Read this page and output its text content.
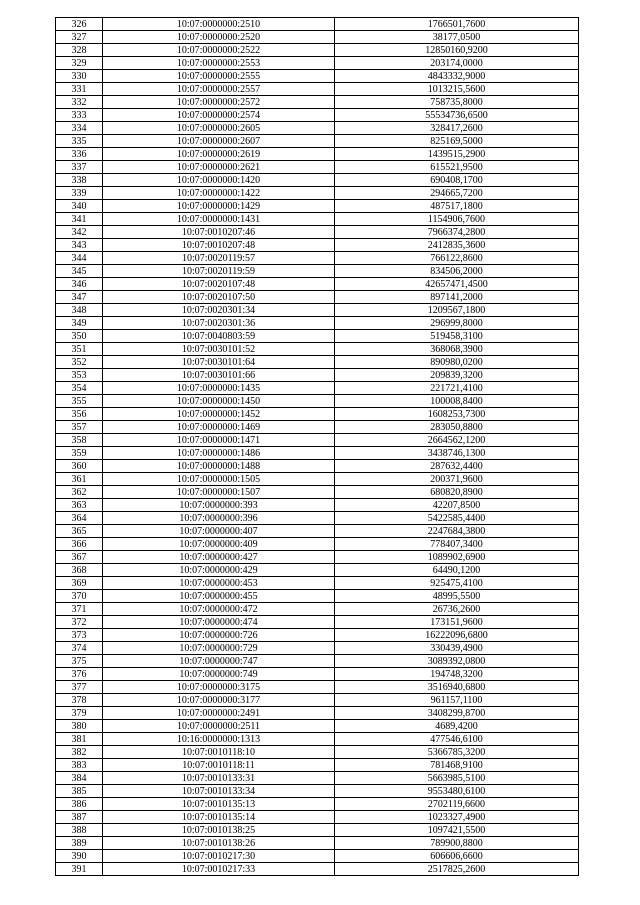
326	10:07:0000000:2510	1766501,7600
327	10:07:0000000:2520	38177,0500
328	10:07:0000000:2522	12850160,9200
329	10:07:0000000:2553	203174,0000
330	10:07:0000000:2555	4843332,9000
331	10:07:0000000:2557	1013215,5600
332	10:07:0000000:2572	758735,8000
333	10:07:0000000:2574	55534736,6500
334	10:07:0000000:2605	328417,2600
335	10:07:0000000:2607	825169,5000
336	10:07:0000000:2619	1439515,2900
337	10:07:0000000:2621	615521,9500
338	10:07:0000000:1420	690408,1700
339	10:07:0000000:1422	294665,7200
340	10:07:0000000:1429	487517,1800
341	10:07:0000000:1431	1154906,7600
342	10:07:0010207:46	7966374,2800
343	10:07:0010207:48	2412835,3600
344	10:07:0020119:57	766122,8600
345	10:07:0020119:59	834506,2000
346	10:07:0020107:48	42657471,4500
347	10:07:0020107:50	897141,2000
348	10:07:0020301:34	1209567,1800
349	10:07:0020301:36	296999,8000
350	10:07:0040803:59	519458,3100
351	10:07:0030101:52	368068,3900
352	10:07:0030101:64	890980,0200
353	10:07:0030101:66	209839,3200
354	10:07:0000000:1435	221721,4100
355	10:07:0000000:1450	100008,8400
356	10:07:0000000:1452	1608253,7300
357	10:07:0000000:1469	283050,8800
358	10:07:0000000:1471	2664562,1200
359	10:07:0000000:1486	3438746,1300
360	10:07:0000000:1488	287632,4400
361	10:07:0000000:1505	200371,9600
362	10:07:0000000:1507	680820,8900
363	10:07:0000000:393	42207,8500
364	10:07:0000000:396	5422585,4400
365	10:07:0000000:407	2247684,3800
366	10:07:0000000:409	778407,3400
367	10:07:0000000:427	1089902,6900
368	10:07:0000000:429	64490,1200
369	10:07:0000000:453	925475,4100
370	10:07:0000000:455	48995,5500
371	10:07:0000000:472	26736,2600
372	10:07:0000000:474	173151,9600
373	10:07:0000000:726	16222096,6800
374	10:07:0000000:729	330439,4900
375	10:07:0000000:747	3089392,0800
376	10:07:0000000:749	194748,3200
377	10:07:0000000:3175	3516940,6800
378	10:07:0000000:3177	961157,1100
379	10:07:0000000:2491	3408299,8700
380	10:07:0000000:2511	4689,4200
381	10:16:0000000:1313	477546,6100
382	10:07:0010118:10	5366785,3200
383	10:07:0010118:11	781468,9100
384	10:07:0010133:31	5663985,5100
385	10:07:0010133:34	9553480,6100
386	10:07:0010135:13	2702119,6600
387	10:07:0010135:14	1023327,4900
388	10:07:0010138:25	1097421,5500
389	10:07:0010138:26	789900,8800
390	10:07:0010217:30	606606,6600
391	10:07:0010217:33	2517825,2600
